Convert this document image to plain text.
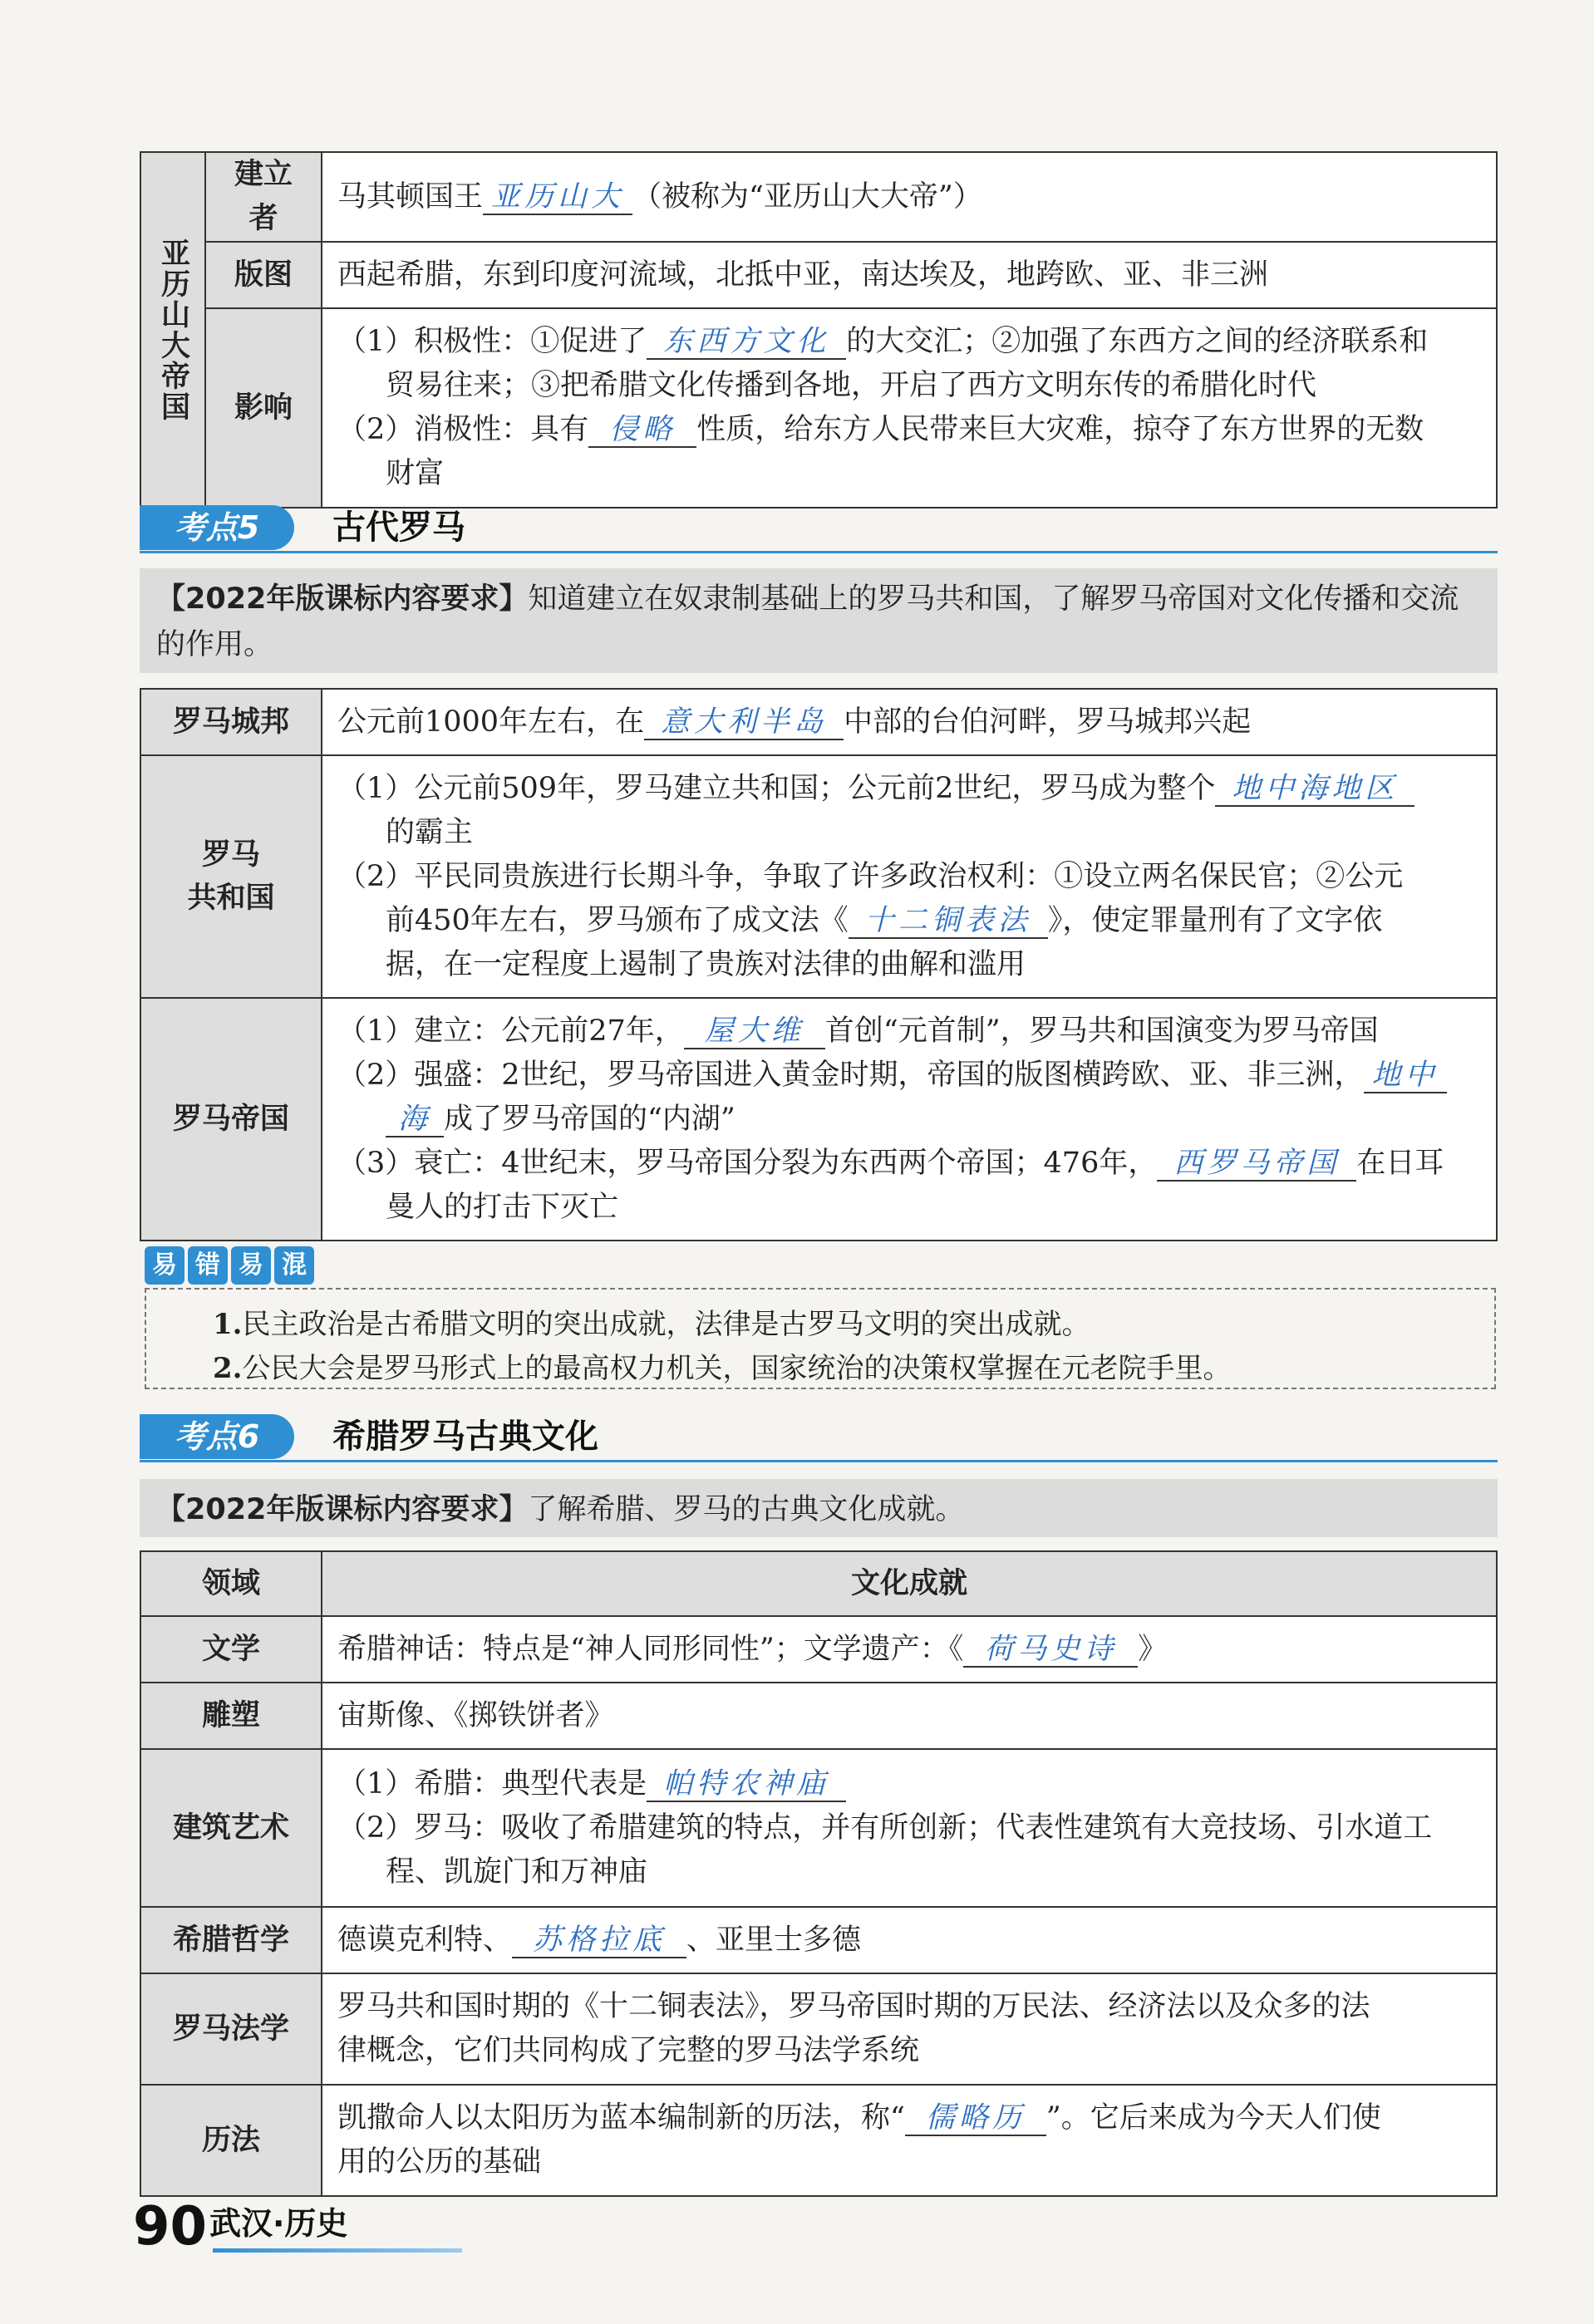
亚历山大帝国	建立者	马其顿国王 亚历山大 （被称为“亚历山大大帝”）
	版图	西起希腊，东到印度河流域，北抵中亚，南达埃及，地跨欧、亚、非三洲
	影响	（1）积极性：①促进了 东西方文化 的大交汇；②加强了东西方之间的经济联系和
贸易往来；③把希腊文化传播到各地，开启了西方文明东传的希腊化时代
（2）消极性：具有 侵略 性质，给东方人民带来巨大灾难，掠夺了东方世界的无数
财富
考点5	古代罗马
【2022年版课标内容要求】知道建立在奴隶制基础上的罗马共和国，了解罗马帝国对文化传播和交流的作用。
罗马城邦	公元前1000年左右，在 意大利半岛 中部的台伯河畔，罗马城邦兴起

罗马
共和国	（1）公元前509年，罗马建立共和国；公元前2世纪，罗马成为整个 地中海地区
的霸主
（2）平民同贵族进行长期斗争，争取了许多政治权利：①设立两名保民官；②公元
前450年左右，罗马颁布了成文法《 十二铜表法 》，使定罪量刑有了文字依
据，在一定程度上遏制了贵族对法律的曲解和滥用

罗马帝国	（1）建立：公元前27年， 屋大维 首创“元首制”，罗马共和国演变为罗马帝国
（2）强盛：2世纪，罗马帝国进入黄金时期，帝国的版图横跨欧、亚、非三洲， 地中
海 成了罗马帝国的“内湖”
（3）衰亡：4世纪末，罗马帝国分裂为东西两个帝国；476年， 西罗马帝国 在日耳
曼人的打击下灭亡
易 错 易 混
1.民主政治是古希腊文明的突出成就，法律是古罗马文明的突出成就。
2.公民大会是罗马形式上的最高权力机关，国家统治的决策权掌握在元老院手里。
考点6	希腊罗马古典文化
【2022年版课标内容要求】了解希腊、罗马的古典文化成就。
领域	文化成就
文学	希腊神话：特点是“神人同形同性”；文学遗产：《 荷马史诗 》
雕塑	宙斯像、《掷铁饼者》
建筑艺术	（1）希腊：典型代表是 帕特农神庙
（2）罗马：吸收了希腊建筑的特点，并有所创新；代表性建筑有大竞技场、引水道工
程、凯旋门和万神庙

希腊哲学	德谟克利特、 苏格拉底 、亚里士多德
罗马法学	罗马共和国时期的《十二铜表法》，罗马帝国时期的万民法、经济法以及众多的法
律概念，它们共同构成了完整的罗马法学系统

历法	凯撒命人以太阳历为蓝本编制新的历法，称“ 儒略历 ”。它后来成为今天人们使
用的公历的基础
90 武汉·历史
